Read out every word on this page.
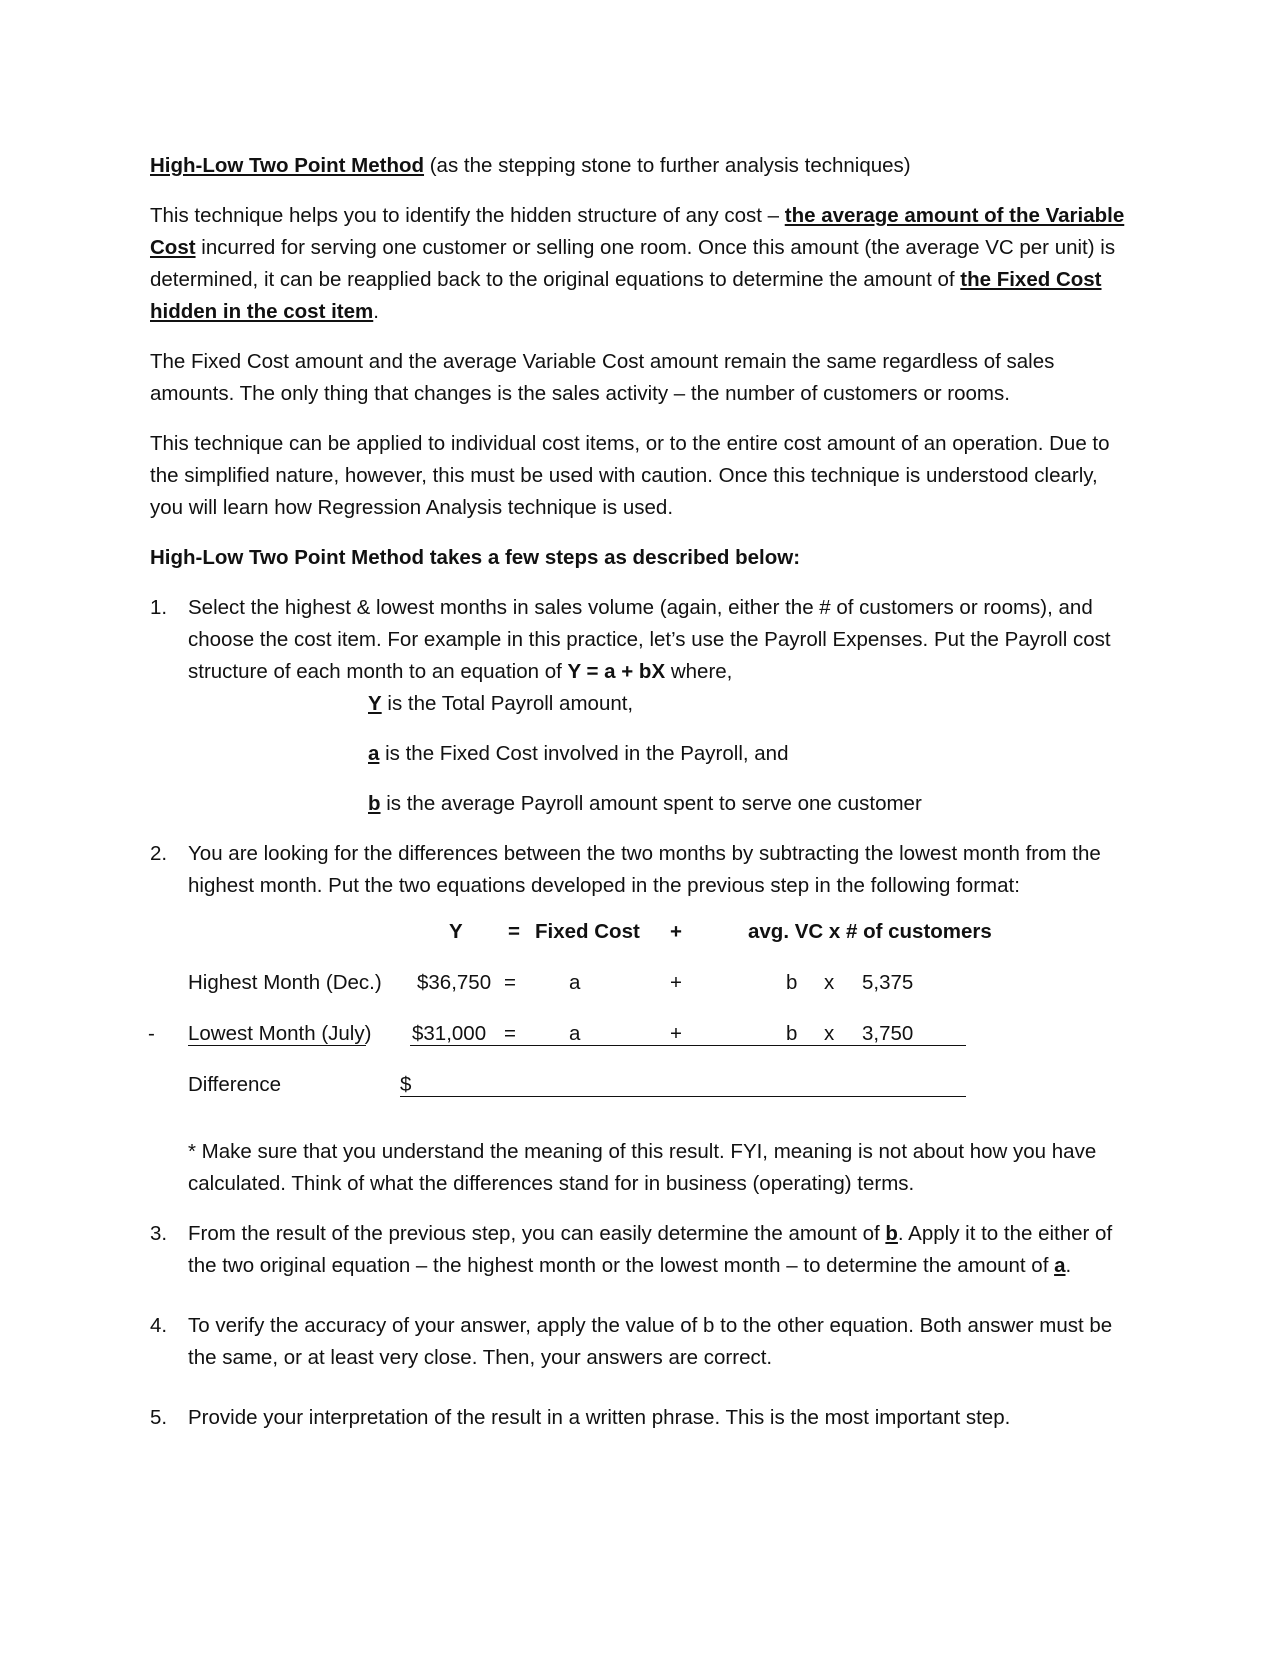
High-Low Two Point Method (as the stepping stone to further analysis techniques)

This technique helps you to identify the hidden structure of any cost – the average amount of the Variable Cost incurred for serving one customer or selling one room. Once this amount (the average VC per unit) is determined, it can be reapplied back to the original equations to determine the amount of the Fixed Cost hidden in the cost item.

The Fixed Cost amount and the average Variable Cost amount remain the same regardless of sales amounts. The only thing that changes is the sales activity – the number of customers or rooms.

This technique can be applied to individual cost items, or to the entire cost amount of an operation. Due to the simplified nature, however, this must be used with caution. Once this technique is understood clearly, you will learn how Regression Analysis technique is used.

High-Low Two Point Method takes a few steps as described below:

1. Select the highest & lowest months in sales volume (again, either the # of customers or rooms), and choose the cost item. For example in this practice, let’s use the Payroll Expenses. Put the Payroll cost structure of each month to an equation of Y = a + bX where,

Y is the Total Payroll amount,

a is the Fixed Cost involved in the Payroll, and

b is the average Payroll amount spent to serve one customer

2. You are looking for the differences between the two months by subtracting the lowest month from the highest month. Put the two equations developed in the previous step in the following format:

Y = Fixed Cost +	avg. VC x # of customers
Highest Month (Dec.) $36,750 =	a	+	b x 5,375
- Lowest Month (July) $31,000 =	a	+	b x 3,750
Difference	$

* Make sure that you understand the meaning of this result. FYI, meaning is not about how you have calculated. Think of what the differences stand for in business (operating) terms.

3. From the result of the previous step, you can easily determine the amount of b. Apply it to the either of the two original equation – the highest month or the lowest month – to determine the amount of a.

4. To verify the accuracy of your answer, apply the value of b to the other equation. Both answer must be the same, or at least very close. Then, your answers are correct.

5. Provide your interpretation of the result in a written phrase. This is the most important step.
